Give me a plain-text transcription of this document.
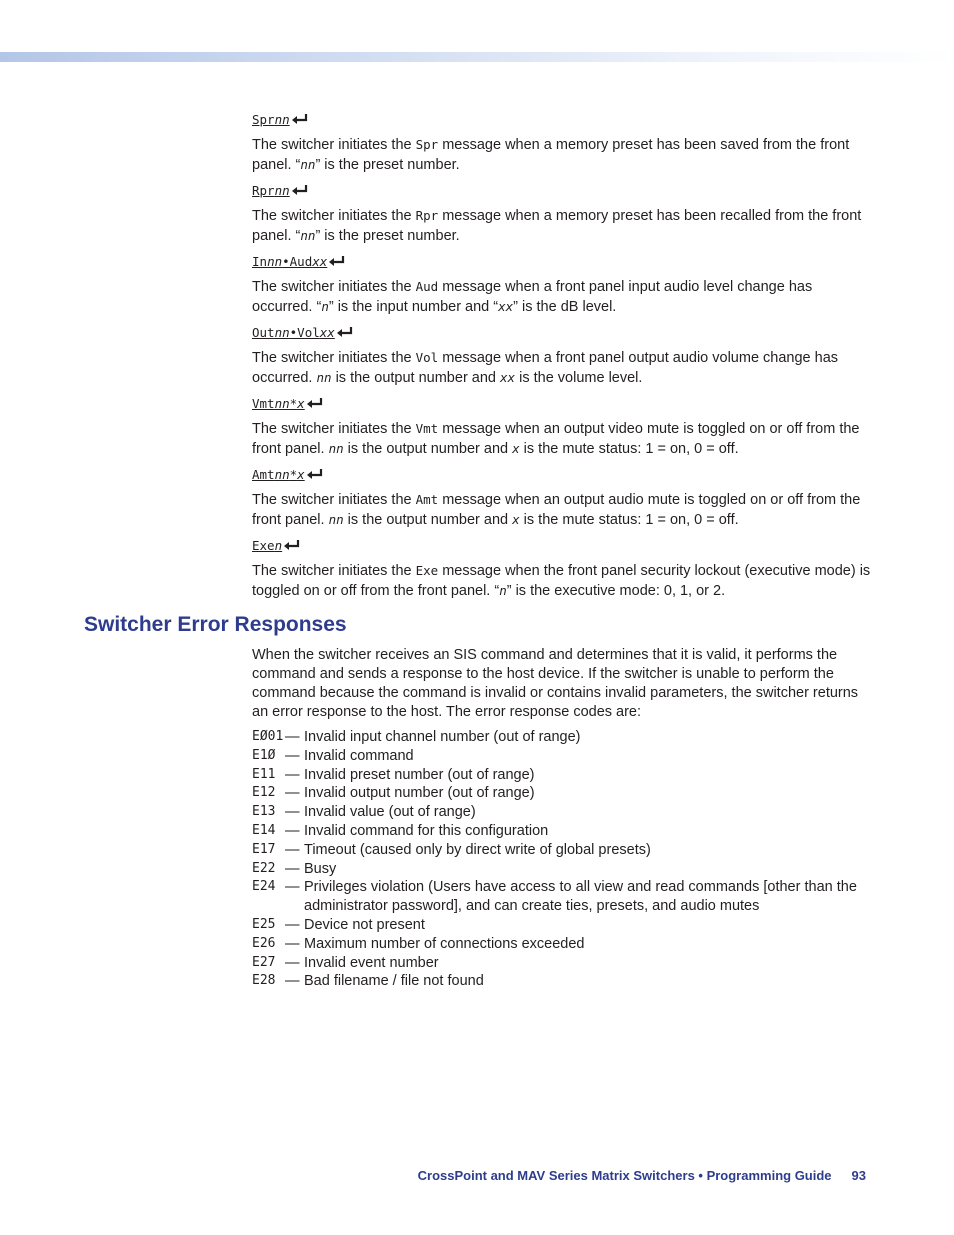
Sprnn

The switcher initiates the Spr message when a memory preset has been saved from the front panel. “nn” is the preset number.

Rprnn

The switcher initiates the Rpr message when a memory preset has been recalled from the front panel. “nn” is the preset number.

Innn•Audxx

The switcher initiates the Aud message when a front panel input audio level change has occurred. “n” is the input number and “xx” is the dB level.

Outnn•Volxx

The switcher initiates the Vol message when a front panel output audio volume change has occurred. nn is the output number and xx is the volume level.

Vmtnn*x

The switcher initiates the Vmt message when an output video mute is toggled on or off from the front panel. nn is the output number and x is the mute status: 1 = on, 0 = off.

Amtnn*x

The switcher initiates the Amt message when an output audio mute is toggled on or off from the front panel. nn is the output number and x is the mute status: 1 = on, 0 = off.

Exen

The switcher initiates the Exe message when the front panel security lockout (executive mode) is toggled on or off from the front panel. “n” is the executive mode: 0, 1, or 2.

Switcher Error Responses

When the switcher receives an SIS command and determines that it is valid, it performs the command and sends a response to the host device. If the switcher is unable to perform the command because the command is invalid or contains invalid parameters, the switcher returns an error response to the host. The error response codes are:

EØ01 — Invalid input channel number (out of range)
E1Ø — Invalid command
E11 — Invalid preset number (out of range)
E12 — Invalid output number (out of range)
E13 — Invalid value (out of range)
E14 — Invalid command for this configuration
E17 — Timeout (caused only by direct write of global presets)
E22 — Busy
E24 — Privileges violation (Users have access to all view and read commands [other than the administrator password], and can create ties, presets, and audio mutes
E25 — Device not present
E26 — Maximum number of connections exceeded
E27 — Invalid event number
E28 — Bad filename / file not found
CrossPoint and MAV Series Matrix Switchers • Programming Guide 93
